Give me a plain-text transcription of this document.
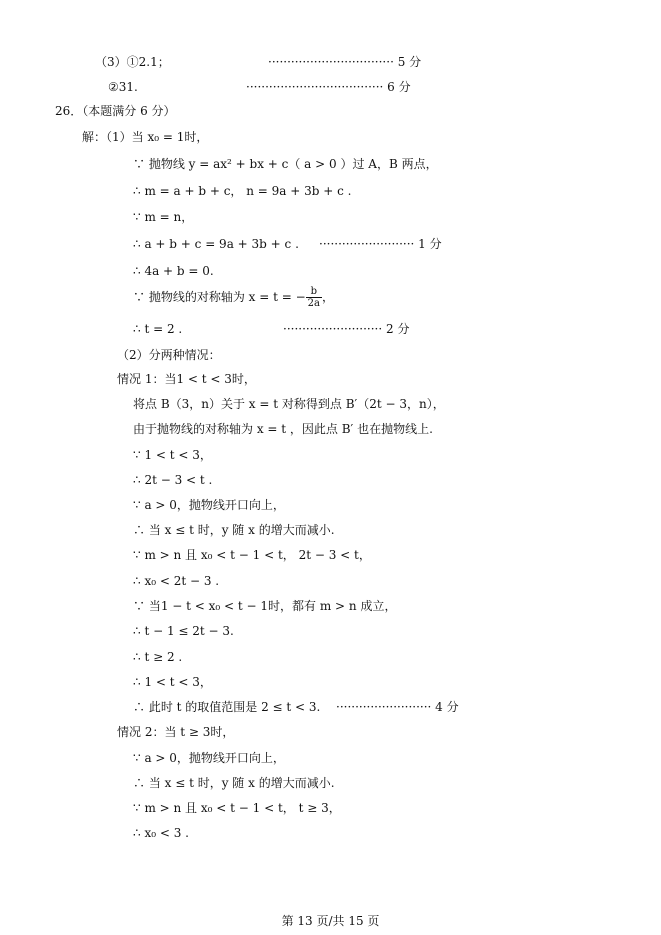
（3）①2.1；	································· 5 分
②31.	···································· 6 分
26．（本题满分 6 分）
解：（1）当 x₀ = 1时，
∵ 抛物线 y = ax² + bx + c（ a > 0 ）过 A，B 两点，
∴ m = a + b + c， n = 9a + 3b + c .
∵ m = n，
∴ a + b + c = 9a + 3b + c . ························· 1 分
∴ 4a + b = 0.
∴ t = 2 .	·························· 2 分
（2）分两种情况：
情况 1：当1 < t < 3时，
将点 B（3，n）关于 x = t 对称得到点 B′（2t − 3，n），
由于抛物线的对称轴为 x = t ，因此点 B′ 也在抛物线上.
∵ 1 < t < 3，
∴ 2t − 3 < t .
∵ a > 0，抛物线开口向上，
∴ 当 x ≤ t 时，y 随 x 的增大而减小.
∵ m > n 且 x₀ < t − 1 < t， 2t − 3 < t，
∴ x₀ < 2t − 3 .
∵ 当1 − t < x₀ < t − 1时，都有 m > n 成立，
∴ t − 1 ≤ 2t − 3.
∴ t ≥ 2 .
∴ 1 < t < 3，
∴ 此时 t 的取值范围是 2 ≤ t < 3. ························· 4 分
情况 2：当 t ≥ 3时，
∵ a > 0，抛物线开口向上，
∴ 当 x ≤ t 时，y 随 x 的增大而减小.
∵ m > n 且 x₀ < t − 1 < t， t ≥ 3，
∴ x₀ < 3 .
∵ 抛物线的对称轴为 x = t = − $\frac{b}{2a}$ ，
第 13 页/共 15 页
